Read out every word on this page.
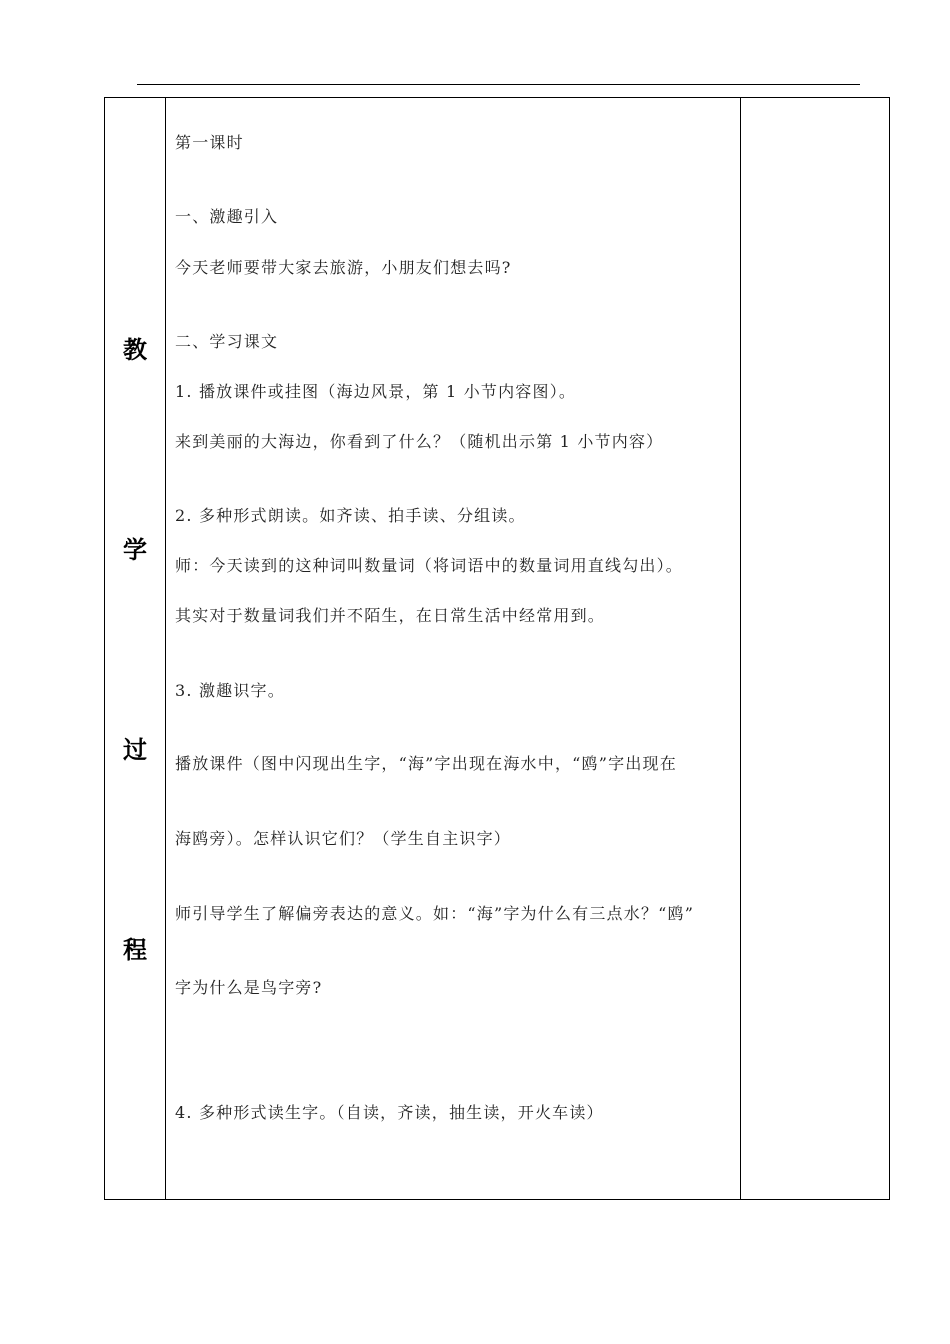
教
学
过
程

第一课时

一、激趣引入

今天老师要带大家去旅游，小朋友们想去吗?

二、学习课文

1. 播放课件或挂图（海边风景，第 1 小节内容图）。

来到美丽的大海边，你看到了什么？（随机出示第 1 小节内容）

2. 多种形式朗读。如齐读、拍手读、分组读。

师：今天读到的这种词叫数量词（将词语中的数量词用直线勾出）。

其实对于数量词我们并不陌生，在日常生活中经常用到。

3. 激趣识字。

播放课件（图中闪现出生字，“海”字出现在海水中，“鸥”字出现在

海鸥旁）。怎样认识它们？（学生自主识字）

师引导学生了解偏旁表达的意义。如：“海”字为什么有三点水？“鸥”

字为什么是鸟字旁?

4. 多种形式读生字。（自读，齐读，抽生读，开火车读）
